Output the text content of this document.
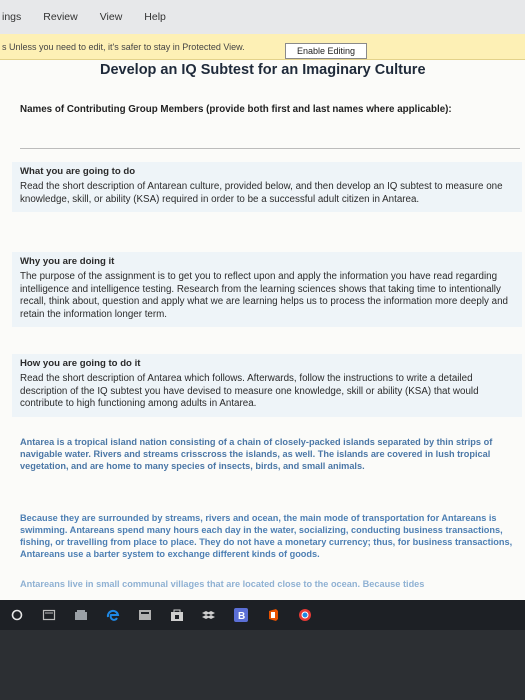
ings Review View Help
s Unless you need to edit, it's safer to stay in Protected View.	Enable Editing
Develop an IQ Subtest for an Imaginary Culture
Names of Contributing Group Members (provide both first and last names where applicable):
What you are going to do

Read the short description of Antarean culture, provided below, and then develop an IQ subtest to measure one knowledge, skill, or ability (KSA) required in order to be a successful adult citizen in Antarea.

Why you are doing it

The purpose of the assignment is to get you to reflect upon and apply the information you have read regarding intelligence and intelligence testing. Research from the learning sciences shows that taking time to intentionally recall, think about, question and apply what we are learning helps us to process the information more deeply and retain the information longer term.

How you are going to do it

Read the short description of Antarea which follows. Afterwards, follow the instructions to write a detailed description of the IQ subtest you have devised to measure one knowledge, skill or ability (KSA) that would contribute to high functioning among adults in Antarea.

Antarea is a tropical island nation consisting of a chain of closely-packed islands separated by thin strips of navigable water. Rivers and streams crisscross the islands, as well. The islands are covered in lush tropical vegetation, and are home to many species of insects, birds, and small animals.
Because they are surrounded by streams, rivers and ocean, the main mode of transportation for Antareans is swimming. Antareans spend many hours each day in the water, socializing, conducting business transactions, fishing, or travelling from place to place. They do not have a monetary currency; thus, for business transactions, Antareans use a barter system to exchange different kinds of goods.
Antareans live in small communal villages that are located close to the ocean. Because tides
B
